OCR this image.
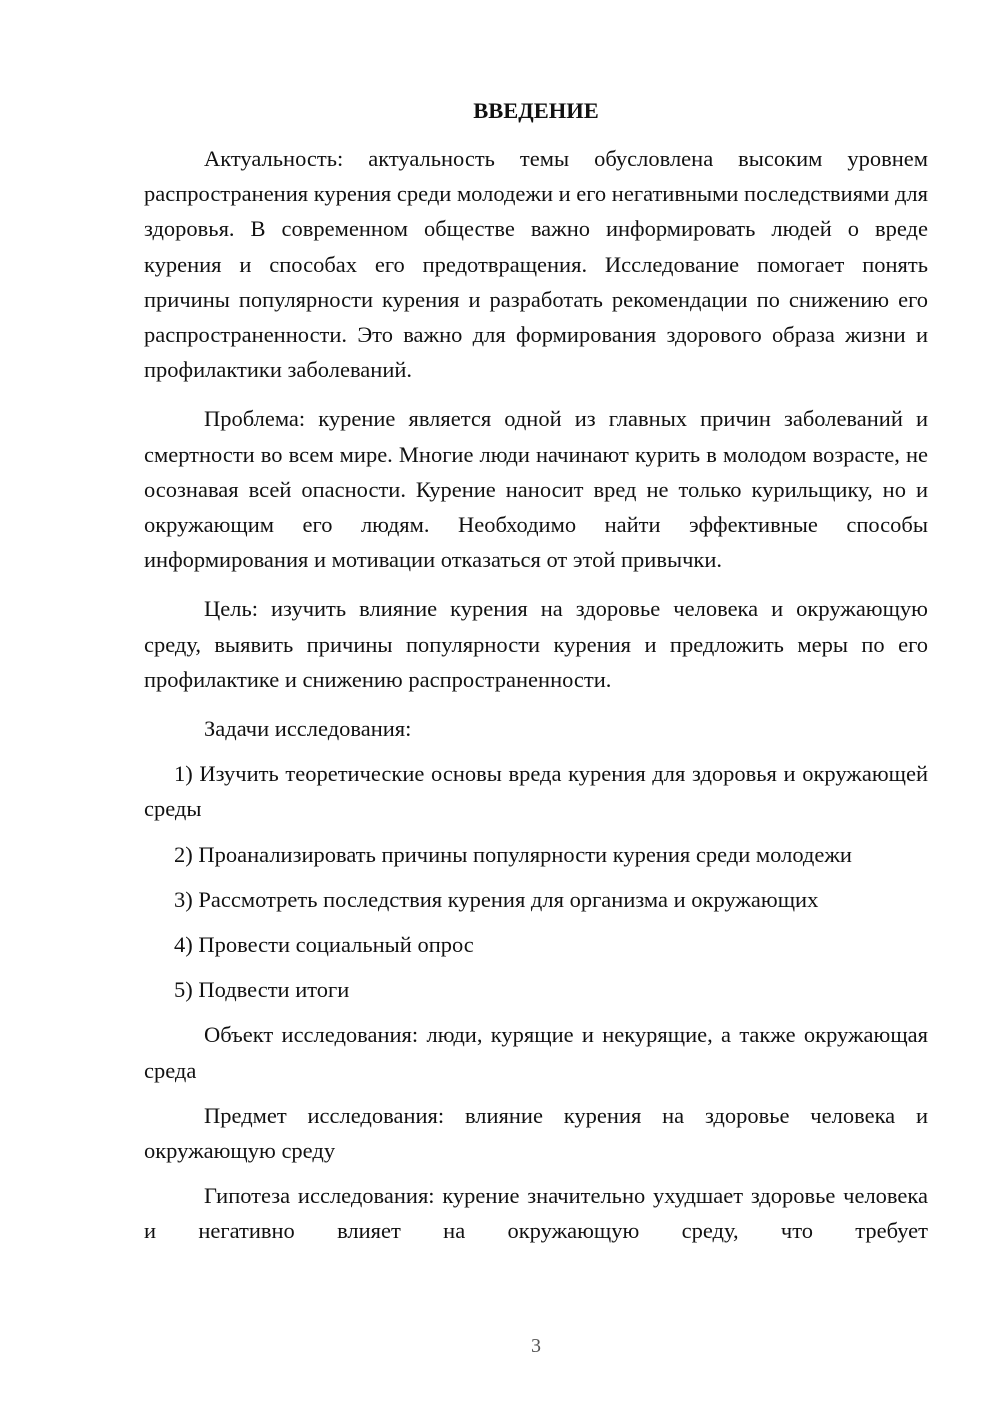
ВВЕДЕНИЕ

Актуальность: актуальность темы обусловлена высоким уровнем распространения курения среди молодежи и его негативными последствиями для здоровья. В современном обществе важно информировать людей о вреде курения и способах его предотвращения. Исследование помогает понять причины популярности курения и разработать рекомендации по снижению его распространенности. Это важно для формирования здорового образа жизни и профилактики заболеваний.

Проблема: курение является одной из главных причин заболеваний и смертности во всем мире. Многие люди начинают курить в молодом возрасте, не осознавая всей опасности. Курение наносит вред не только курильщику, но и окружающим его людям. Необходимо найти эффективные способы информирования и мотивации отказаться от этой привычки.

Цель: изучить влияние курения на здоровье человека и окружающую среду, выявить причины популярности курения и предложить меры по его профилактике и снижению распространенности.

Задачи исследования:

1) Изучить теоретические основы вреда курения для здоровья и окружающей среды

2) Проанализировать причины популярности курения среди молодежи

3) Рассмотреть последствия курения для организма и окружающих

4) Провести социальный опрос

5) Подвести итоги

Объект исследования: люди, курящие и некурящие, а также окружающая среда

Предмет исследования: влияние курения на здоровье человека и окружающую среду

Гипотеза исследования: курение значительно ухудшает здоровье человека и негативно влияет на окружающую среду, что требует

3
